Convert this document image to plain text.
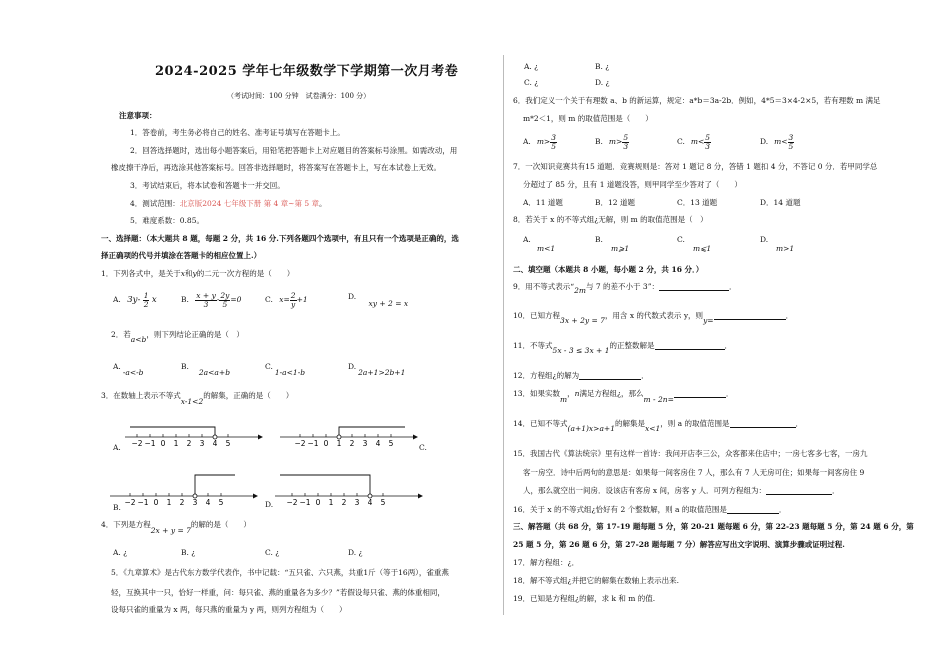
2024-2025 学年七年级数学下学期第一次月考卷
（考试时间：100 分钟　试卷满分：100 分）
注意事项：
1．答卷前，考生务必将自己的姓名、准考证号填写在答题卡上。
2．回答选择题时，选出每小题答案后，用铅笔把答题卡上对应题目的答案标号涂黑。如需改动，用
橡皮擦干净后，再选涂其他答案标号。回答非选择题时，将答案写在答题卡上，写在本试卷上无效。
3．考试结束后，将本试卷和答题卡一并交回。
4．测试范围：北京版2024 七年级下册 第 4 章~第 5 章。
5．难度系数：0.85。
一、选择题：（本大题共 8 题，每题 2 分，共 16 分.下列各题四个选项中，有且只有一个选项是正确的，选
择正确项的代号并填涂在答题卡的相应位置上.）
1．下列各式中，是关于x和y的二元一次方程的是（　　）
A. $3y- \frac{1}{2}$ x	B. $\frac{x + y}{3} - \frac{2y}{5} =0$	C. $x= \frac{2}{y} +1$	D. xy + 2 = x
2．若a<b，则下列结论正确的是（　）
A.-a<-b
B.2a<a+b
C.1-a<1-b
D.2a+1>2b+1
3．在数轴上表示不等式x-1<2的解集，正确的是（　　）
A.	C.
D.
−2 −1 0 1 2 3 4 5	−2 −1 0 1 2 3 4 5
−2 −1 0 1 2 3 4 5	−2 −1 0 1 2 3 4 5
B.
4．下列是方程2x + y = 7的解的是（　　）
A. ¿	B. ¿	C. ¿	D. ¿
5．《九章算术》是古代东方数学代表作，书中记载：“五只雀、六只燕，共重1斤（等于16两），雀重燕
轻，互换其中一只，恰好一样重，问：每只雀、燕的重量各为多少？”若假设每只雀、燕的体重相同，
设每只雀的重量为 x 两，每只燕的重量为 y 两，则列方程组为（　　）
A. ¿	B. ¿
C. ¿	D. ¿
6．我们定义一个关于有理数 a、b 的新运算，规定：a*b＝3a-2b．例如，4*5＝3×4-2×5，若有理数 m 满足
m*2＜1，则 m 的取值范围是（　　）
A. $m> \frac{3}{5}$	B. $m> \frac{5}{3}$	C. $m< \frac{5}{3}$	D. $m< \frac{3}{5}$
7．一次知识竞赛共有15 道题．竞赛规则是：答对 1 题记 8 分，答错 1 题扣 4 分，不答记 0 分．若甲同学总
分超过了 85 分，且有 1 道题没答，则甲同学至少答对了（　　）
A．11 道题	B．12 道题	C．13 道题	D．14 道题
8．若关于 x 的不等式组¿无解，则 m 的取值范围是（　）
A.
m<1
B.
m⩾1
C.
m⩽1
D.
m>1
二、填空题（本题共 8 小题，每小题 2 分，共 16 分．）
9．用不等式表示“2m与 7 的差不小于 3”：	．
10．已知方程3x + 2y = 7，用含 x 的代数式表示 y，则y=．
11．不等式5x - 3 ≤ 3x + 1的正整数解是	．
12．方程组¿的解为	．
13．如果实数m，n满足方程组¿，那么m - 2n=．
14．已知不等式(a+1)x>a+1的解集是x<1，则 a 的取值范围是	．
15．我国古代《算法统宗》里有这样一首诗：我问开店李三公，众客都来住店中；一房七客多七客，一房九
客一房空．诗中后两句的意思是：如果每一间客房住 7 人，那么有 7 人无房可住；如果每一间客房住 9
人，那么就空出一间房．设该店有客房 x 间，房客 y 人．可列方程组为：	．
16．关于 x 的不等式组¿恰好有 2 个整数解，则 a 的取值范围是	．
三、解答题（共 68 分，第 17-19 题每题 5 分，第 20-21 题每题 6 分，第 22-23 题每题 5 分，第 24 题 6 分，第
25 题 5 分，第 26 题 6 分，第 27-28 题每题 7 分）解答应写出文字说明、演算步骤或证明过程.
17．解方程组：¿．
18．解不等式组¿并把它的解集在数轴上表示出来.
19．已知是方程组¿的解，求 k 和 m 的值.
